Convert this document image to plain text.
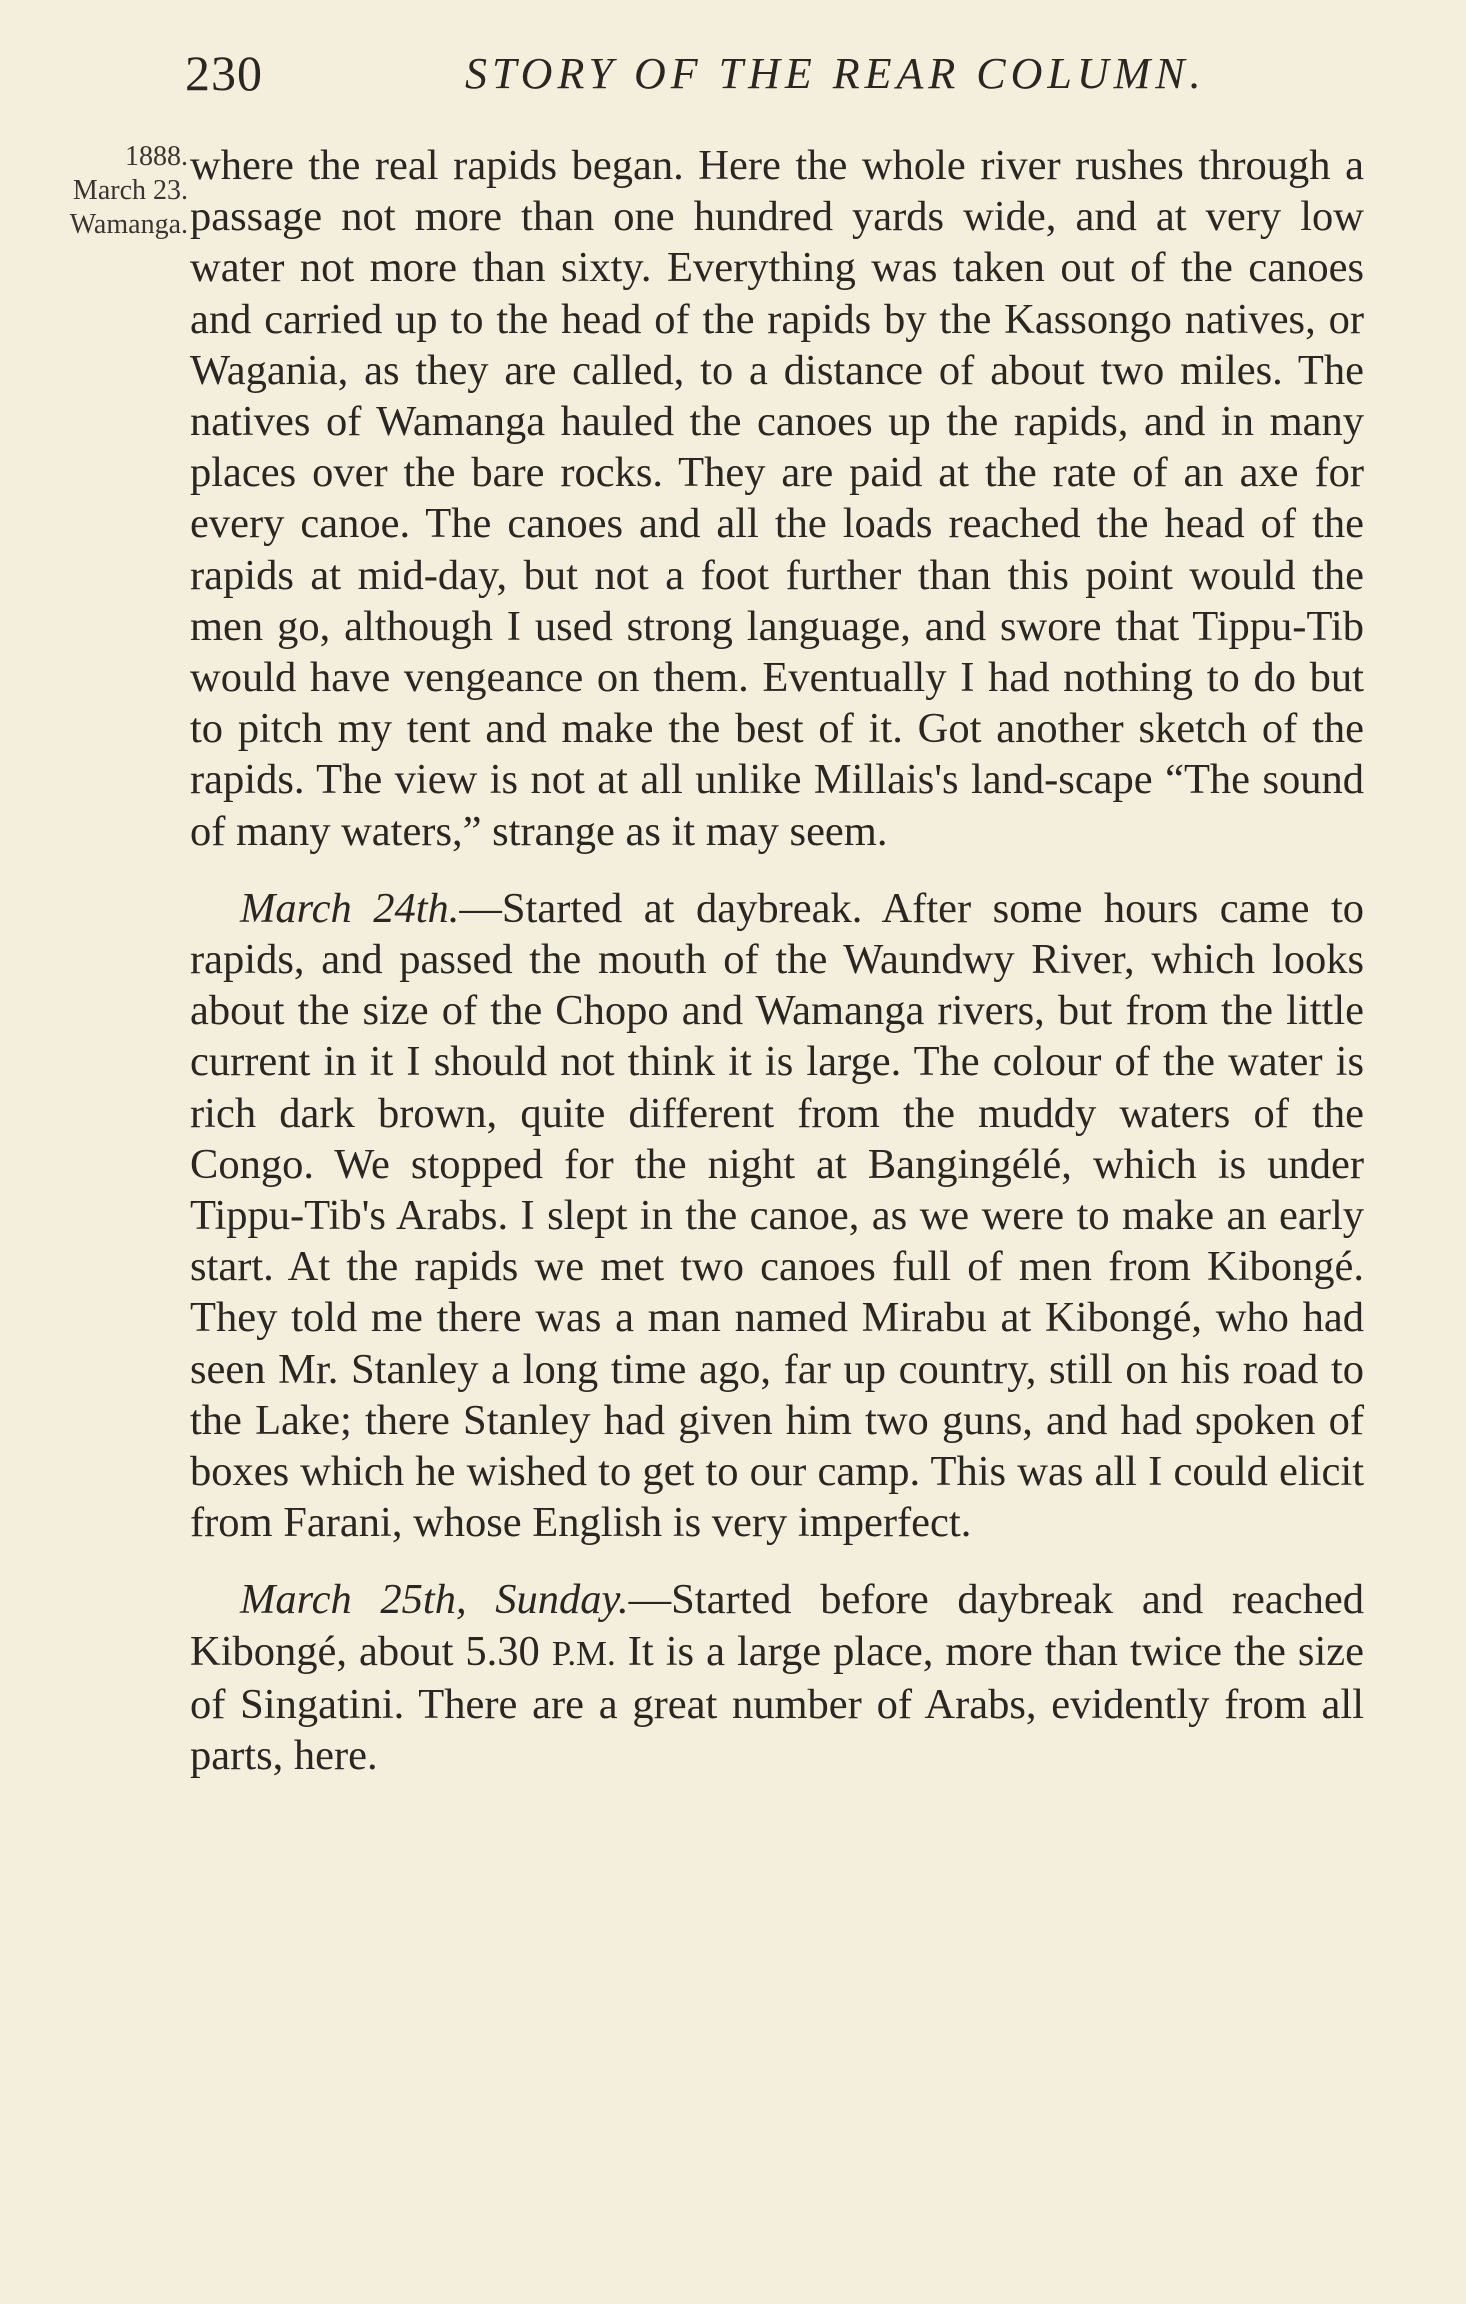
230	STORY OF THE REAR COLUMN.
1888.
March 23.
Wamanga.

where the real rapids began. Here the whole river rushes through a passage not more than one hundred yards wide, and at very low water not more than sixty. Everything was taken out of the canoes and carried up to the head of the rapids by the Kassongo natives, or Wagania, as they are called, to a distance of about two miles. The natives of Wamanga hauled the canoes up the rapids, and in many places over the bare rocks. They are paid at the rate of an axe for every canoe. The canoes and all the loads reached the head of the rapids at mid-day, but not a foot further than this point would the men go, although I used strong language, and swore that Tippu-Tib would have vengeance on them. Eventually I had nothing to do but to pitch my tent and make the best of it. Got another sketch of the rapids. The view is not at all unlike Millais's land-scape “The sound of many waters,” strange as it may seem.

March 24th.—Started at daybreak. After some hours came to rapids, and passed the mouth of the Waundwy River, which looks about the size of the Chopo and Wamanga rivers, but from the little current in it I should not think it is large. The colour of the water is rich dark brown, quite different from the muddy waters of the Congo. We stopped for the night at Bangingélé, which is under Tippu-Tib's Arabs. I slept in the canoe, as we were to make an early start. At the rapids we met two canoes full of men from Kibongé. They told me there was a man named Mirabu at Kibongé, who had seen Mr. Stanley a long time ago, far up country, still on his road to the Lake; there Stanley had given him two guns, and had spoken of boxes which he wished to get to our camp. This was all I could elicit from Farani, whose English is very imperfect.

March 25th, Sunday.—Started before daybreak and reached Kibongé, about 5.30 P.M. It is a large place, more than twice the size of Singatini. There are a great number of Arabs, evidently from all parts, here.
